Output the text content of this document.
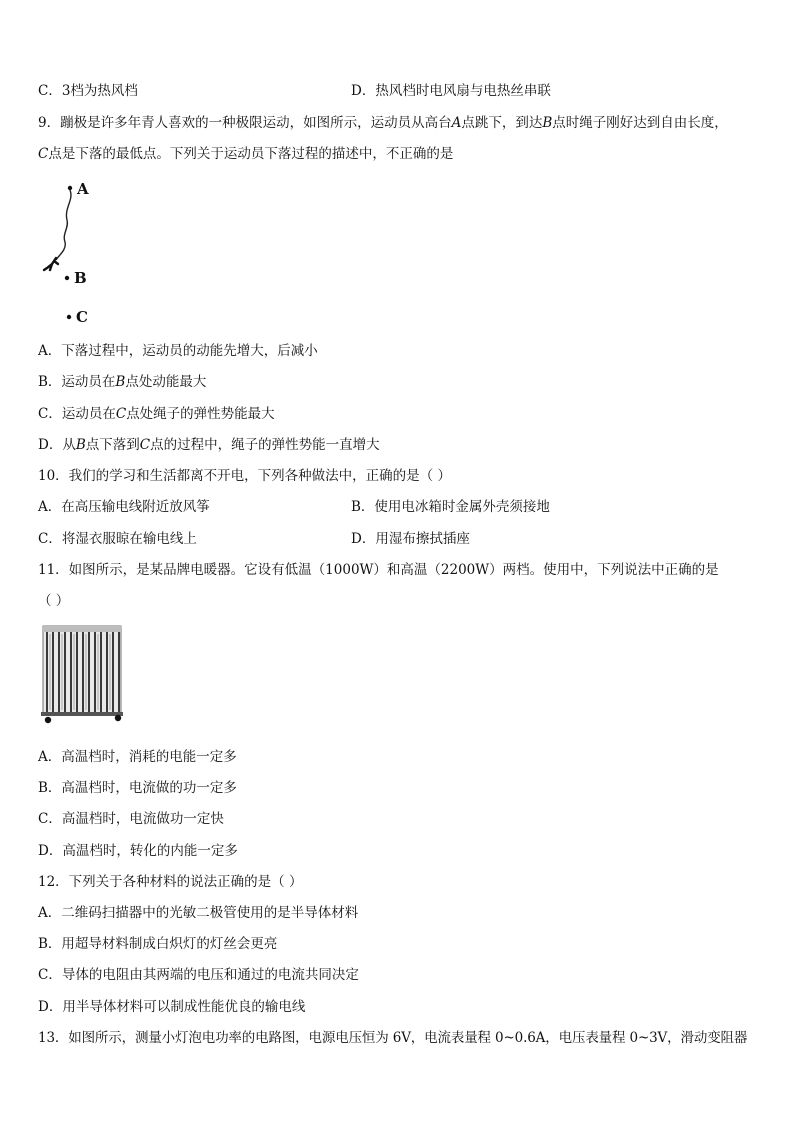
C．3档为热风档	D．热风档时电风扇与电热丝串联
9．蹦极是许多年青人喜欢的一种极限运动，如图所示，运动员从高台A点跳下，到达B点时绳子刚好达到自由长度，
C点是下落的最低点。下列关于运动员下落过程的描述中，不正确的是
A
B
C
A．下落过程中，运动员的动能先增大，后减小
B．运动员在B点处动能最大
C．运动员在C点处绳子的弹性势能最大
D．从B点下落到C点的过程中，绳子的弹性势能一直增大
10．我们的学习和生活都离不开电，下列各种做法中，正确的是（ ）
A．在高压输电线附近放风筝	B．使用电冰箱时金属外壳须接地
C．将湿衣服晾在输电线上	D．用湿布擦拭插座
11．如图所示，是某品牌电暖器。它设有低温（1000W）和高温（2200W）两档。使用中，下列说法中正确的是
（ ）
A．高温档时，消耗的电能一定多
B．高温档时，电流做的功一定多
C．高温档时，电流做功一定快
D．高温档时，转化的内能一定多
12．下列关于各种材料的说法正确的是（ ）
A．二维码扫描器中的光敏二极管使用的是半导体材料
B．用超导材料制成白炽灯的灯丝会更亮
C．导体的电阻由其两端的电压和通过的电流共同决定
D．用半导体材料可以制成性能优良的输电线
13．如图所示，测量小灯泡电功率的电路图，电源电压恒为 6V，电流表量程 0~0.6A，电压表量程 0~3V，滑动变阻器
